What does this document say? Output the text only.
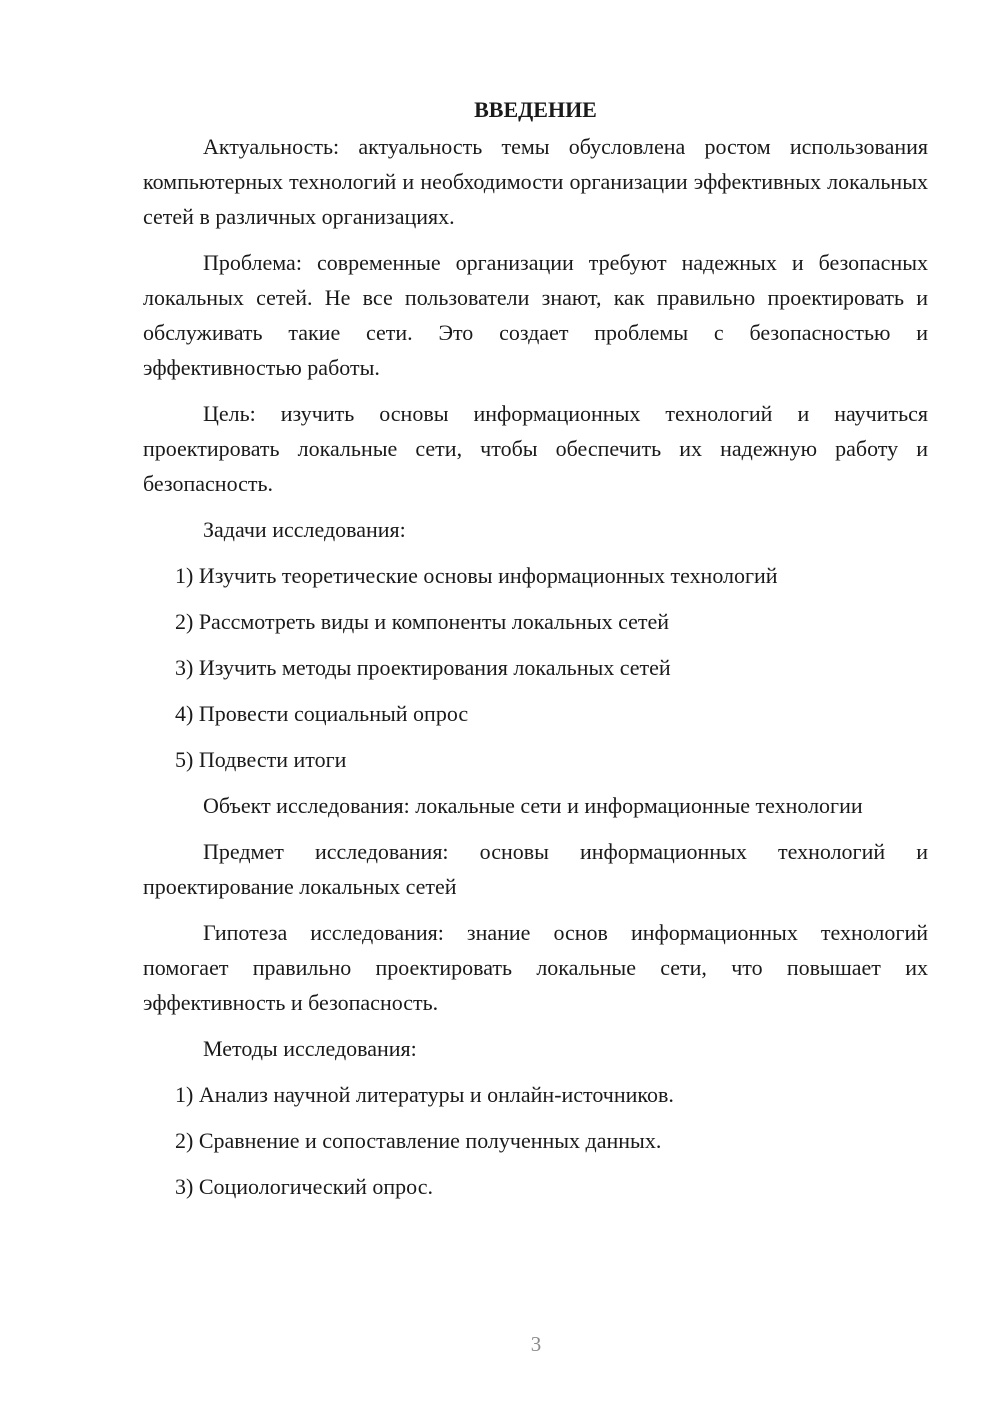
ВВЕДЕНИЕ

Актуальность: актуальность темы обусловлена ростом использования компьютерных технологий и необходимости организации эффективных локальных сетей в различных организациях.

Проблема: современные организации требуют надежных и безопасных локальных сетей. Не все пользователи знают, как правильно проектировать и обслуживать такие сети. Это создает проблемы с безопасностью и эффективностью работы.

Цель: изучить основы информационных технологий и научиться проектировать локальные сети, чтобы обеспечить их надежную работу и безопасность.

Задачи исследования:

1) Изучить теоретические основы информационных технологий
2) Рассмотреть виды и компоненты локальных сетей
3) Изучить методы проектирования локальных сетей
4) Провести социальный опрос
5) Подвести итоги

Объект исследования: локальные сети и информационные технологии

Предмет исследования: основы информационных технологий и проектирование локальных сетей

Гипотеза исследования: знание основ информационных технологий помогает правильно проектировать локальные сети, что повышает их эффективность и безопасность.

Методы исследования:

1) Анализ научной литературы и онлайн-источников.
2) Сравнение и сопоставление полученных данных.
3) Социологический опрос.
3
